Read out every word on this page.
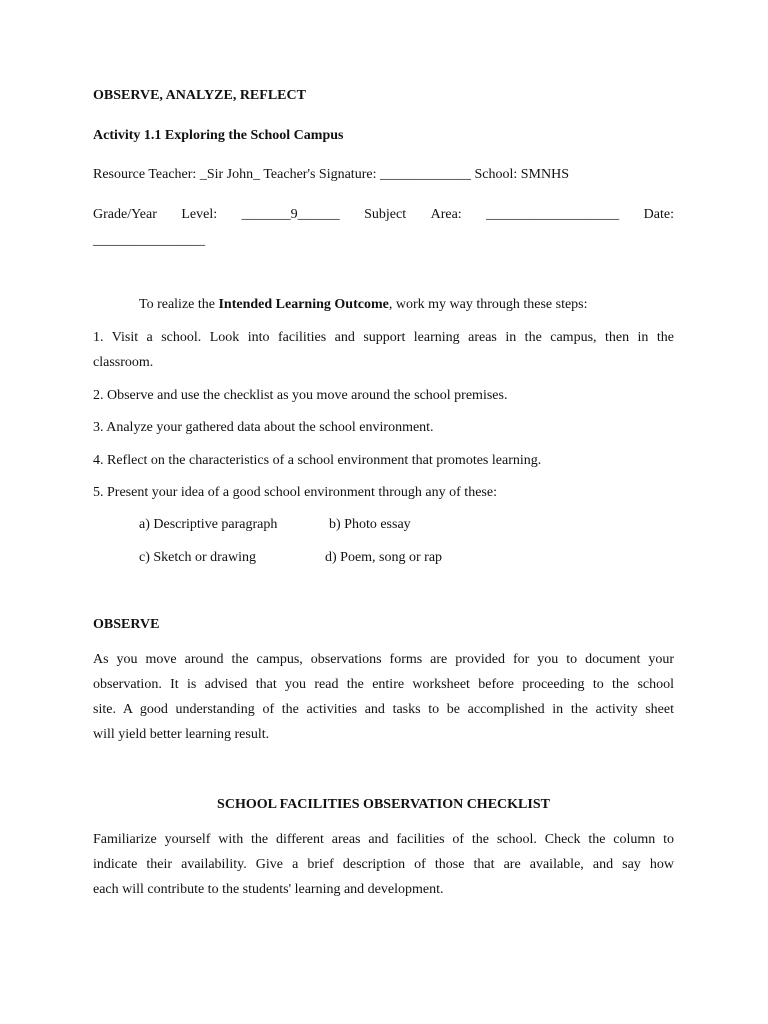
OBSERVE, ANALYZE, REFLECT
Activity 1.1 Exploring the School Campus
Resource Teacher: _Sir John_ Teacher's Signature: _____________ School: SMNHS
Grade/Year Level: _______9______ Subject Area: ___________________ Date:
________________
To realize the Intended Learning Outcome, work my way through these steps:
1. Visit a school. Look into facilities and support learning areas in the campus, then in the
classroom.
2. Observe and use the checklist as you move around the school premises.
3. Analyze your gathered data about the school environment.
4. Reflect on the characteristics of a school environment that promotes learning.
5. Present your idea of a good school environment through any of these:
a) Descriptive paragraph	b) Photo essay
c) Sketch or drawing	d) Poem, song or rap
OBSERVE
As you move around the campus, observations forms are provided for you to document your
observation. It is advised that you read the entire worksheet before proceeding to the school
site. A good understanding of the activities and tasks to be accomplished in the activity sheet
will yield better learning result.
SCHOOL FACILITIES OBSERVATION CHECKLIST
Familiarize yourself with the different areas and facilities of the school. Check the column to
indicate their availability. Give a brief description of those that are available, and say how
each will contribute to the students' learning and development.
